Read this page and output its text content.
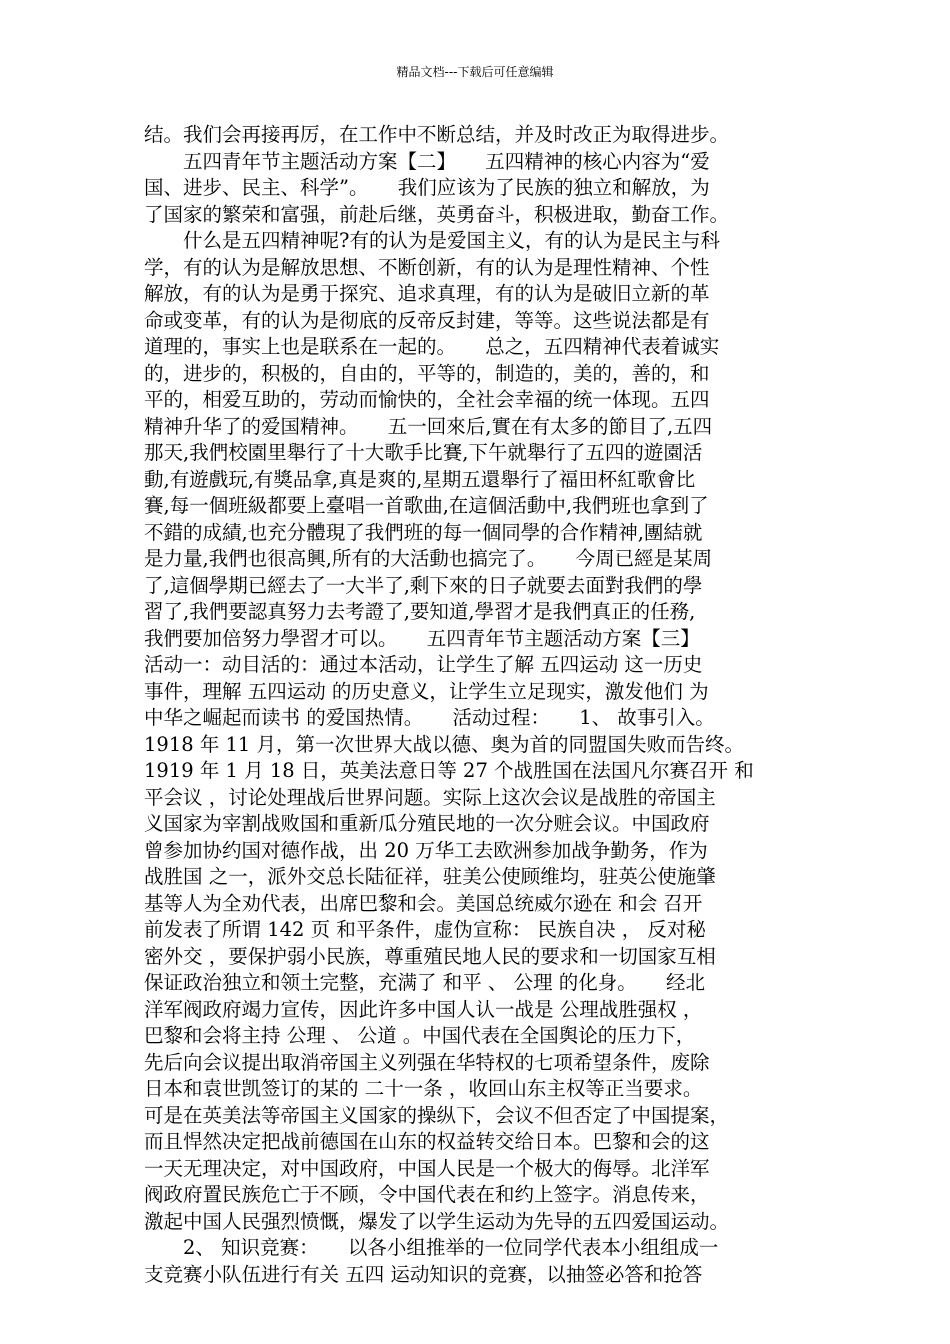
精品文档---下载后可任意编辑
结。我们会再接再厉，在工作中不断总结，并及时改正为取得进步。
五四青年节主题活动方案【二】　　五四精神的核心内容为“爱
国、进步、民主、科学”。　　我们应该为了民族的独立和解放，为
了国家的繁荣和富强，前赴后继，英勇奋斗，积极进取，勤奋工作。
什么是五四精神呢?有的认为是爱国主义，有的认为是民主与科
学，有的认为是解放思想、不断创新，有的认为是理性精神、个性
解放，有的认为是勇于探究、追求真理，有的认为是破旧立新的革
命或变革，有的认为是彻底的反帝反封建，等等。这些说法都是有
道理的，事实上也是联系在一起的。　　总之，五四精神代表着诚实
的，进步的，积极的，自由的，平等的，制造的，美的，善的，和
平的，相爱互助的，劳动而愉快的，全社会幸福的统一体现。五四
精神升华了的爱国精神。　　五一回來后,實在有太多的節目了,五四
那天,我們校園里舉行了十大歌手比賽,下午就舉行了五四的遊園活
動,有遊戲玩,有獎品拿,真是爽的,星期五還舉行了福田杯紅歌會比
賽,每一個班級都要上臺唱一首歌曲,在這個活動中,我們班也拿到了
不錯的成績,也充分體現了我們班的每一個同學的合作精神,團結就
是力量,我們也很高興,所有的大活動也搞完了。　　今周已經是某周
了,這個學期已經去了一大半了,剩下來的日子就要去面對我們的學
習了,我們要認真努力去考證了,要知道,學習才是我們真正的任務,
我們要加倍努力學習才可以。　　五四青年节主题活动方案【三】
活动一：动目活的：通过本活动，让学生了解 五四运动 这一历史
事件，理解 五四运动 的历史意义，让学生立足现实，激发他们 为
中华之崛起而读书 的爱国热情。　　活动过程：　　1、 故事引入。
1918 年 11 月，第一次世界大战以德、奥为首的同盟国失败而告终。
1919 年 1 月 18 日，英美法意日等 27 个战胜国在法国凡尔赛召开 和
平会议 ，讨论处理战后世界问题。实际上这次会议是战胜的帝国主
义国家为宰割战败国和重新瓜分殖民地的一次分赃会议。中国政府
曾参加协约国对德作战，出 20 万华工去欧洲参加战争勤务，作为
战胜国 之一，派外交总长陆征祥，驻美公使顾维均，驻英公使施肇
基等人为全劝代表，出席巴黎和会。美国总统威尔逊在 和会 召开
前发表了所谓 142 页 和平条件，虚伪宣称： 民族自决 ， 反对秘
密外交 ，要保护弱小民族，尊重殖民地人民的要求和一切国家互相
保证政治独立和领土完整，充满了 和平 、 公理 的化身。　　经北
洋军阀政府竭力宣传，因此许多中国人认一战是 公理战胜强权 ，
巴黎和会将主持 公理 、 公道 。中国代表在全国舆论的压力下，
先后向会议提出取消帝国主义列强在华特权的七项希望条件，废除
日本和袁世凯签订的某的 二十一条 ，收回山东主权等正当要求。
可是在英美法等帝国主义国家的操纵下，会议不但否定了中国提案，
而且悍然决定把战前德国在山东的权益转交给日本。巴黎和会的这
一天无理决定，对中国政府，中国人民是一个极大的侮辱。北洋军
阀政府置民族危亡于不顾，令中国代表在和约上签字。消息传来，
激起中国人民强烈愤慨，爆发了以学生运动为先导的五四爱国运动。
2、 知识竞赛：　　以各小组推举的一位同学代表本小组组成一
支竞赛小队伍进行有关 五四 运动知识的竞赛，以抽签必答和抢答
